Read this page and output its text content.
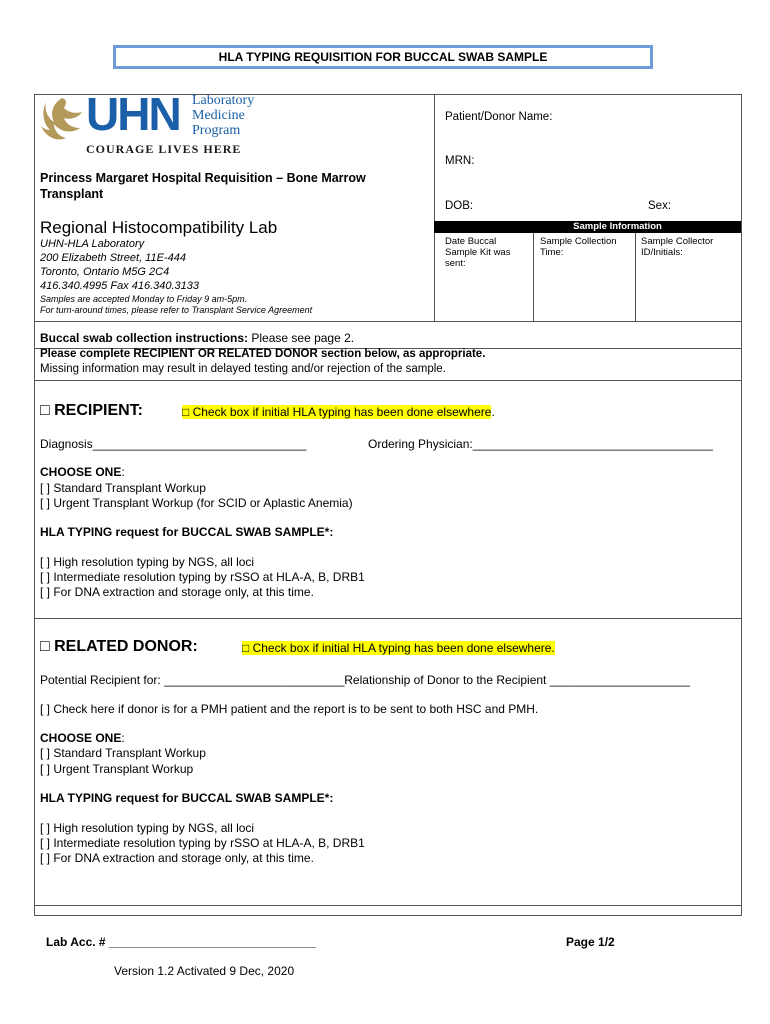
HLA TYPING REQUISITION FOR BUCCAL SWAB SAMPLE
UHN Laboratory
Medicine
Program
COURAGE LIVES HERE
Princess Margaret Hospital Requisition – Bone Marrow
Transplant
Regional Histocompatibility Lab
UHN-HLA Laboratory
200 Elizabeth Street, 11E-444
Toronto, Ontario M5G 2C4
416.340.4995 Fax 416.340.3133
Samples are accepted Monday to Friday 9 am-5pm.
For turn-around times, please refer to Transplant Service Agreement
Patient/Donor Name:
MRN:
DOB:	Sex:
Sample Information
Date Buccal
Sample Kit was
sent:
Sample Collection
Time:
Sample Collector
ID/Initials:
Buccal swab collection instructions: Please see page 2.
Please complete RECIPIENT OR RELATED DONOR section below, as appropriate.
Missing information may result in delayed testing and/or rejection of the sample.
□ RECIPIENT:	□ Check box if initial HLA typing has been done elsewhere.
Diagnosis________________________________	Ordering Physician:____________________________________
CHOOSE ONE:
[ ] Standard Transplant Workup
[ ] Urgent Transplant Workup (for SCID or Aplastic Anemia)
HLA TYPING request for BUCCAL SWAB SAMPLE*:
[ ] High resolution typing by NGS, all loci
[ ] Intermediate resolution typing by rSSO at HLA-A, B, DRB1
[ ] For DNA extraction and storage only, at this time.
□ RELATED DONOR:	□ Check box if initial HLA typing has been done elsewhere.
Potential Recipient for: ___________________________Relationship of Donor to the Recipient _____________________
[ ] Check here if donor is for a PMH patient and the report is to be sent to both HSC and PMH.
CHOOSE ONE:
[ ] Standard Transplant Workup
[ ] Urgent Transplant Workup
HLA TYPING request for BUCCAL SWAB SAMPLE*:
[ ] High resolution typing by NGS, all loci
[ ] Intermediate resolution typing by rSSO at HLA-A, B, DRB1
[ ] For DNA extraction and storage only, at this time.
Lab Acc. # _______________________________	Page 1/2
Version 1.2 Activated 9 Dec, 2020
